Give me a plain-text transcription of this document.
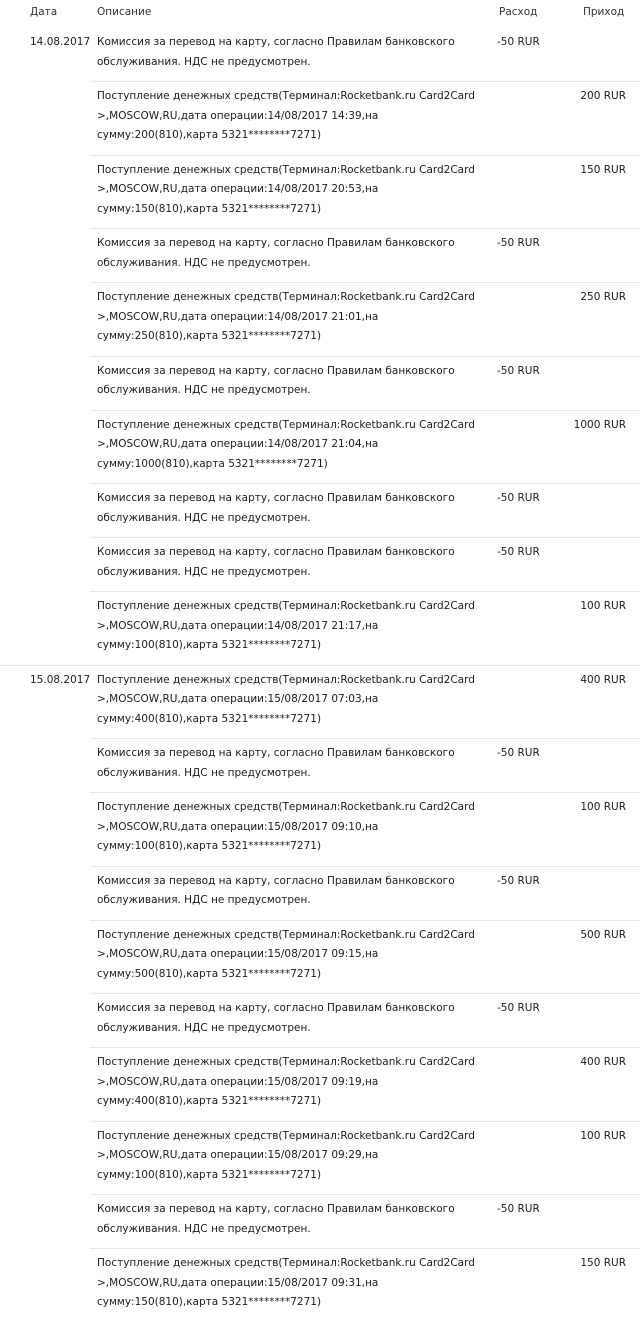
Дата	Описание	Расход	Приход
14.08.2017 Комиссия за перевод на карту, согласно Правилам банковского
обслуживания. НДС не предусмотрен.
-50 RUR
Поступление денежных средств(Терминал:Rocketbank.ru Card2Card
>,MOSCOW,RU,дата операции:14/08/2017 14:39,на
сумму:200(810),карта 5321********7271)
200 RUR
Поступление денежных средств(Терминал:Rocketbank.ru Card2Card
>,MOSCOW,RU,дата операции:14/08/2017 20:53,на
сумму:150(810),карта 5321********7271)
150 RUR
Комиссия за перевод на карту, согласно Правилам банковского
обслуживания. НДС не предусмотрен.
-50 RUR
Поступление денежных средств(Терминал:Rocketbank.ru Card2Card
>,MOSCOW,RU,дата операции:14/08/2017 21:01,на
сумму:250(810),карта 5321********7271)
250 RUR
Комиссия за перевод на карту, согласно Правилам банковского
обслуживания. НДС не предусмотрен.
-50 RUR
Поступление денежных средств(Терминал:Rocketbank.ru Card2Card
>,MOSCOW,RU,дата операции:14/08/2017 21:04,на
сумму:1000(810),карта 5321********7271)
1000 RUR
Комиссия за перевод на карту, согласно Правилам банковского
обслуживания. НДС не предусмотрен.
-50 RUR
Комиссия за перевод на карту, согласно Правилам банковского
обслуживания. НДС не предусмотрен.
-50 RUR
Поступление денежных средств(Терминал:Rocketbank.ru Card2Card
>,MOSCOW,RU,дата операции:14/08/2017 21:17,на
сумму:100(810),карта 5321********7271)
100 RUR
15.08.2017 Поступление денежных средств(Терминал:Rocketbank.ru Card2Card
>,MOSCOW,RU,дата операции:15/08/2017 07:03,на
сумму:400(810),карта 5321********7271)
400 RUR
Комиссия за перевод на карту, согласно Правилам банковского
обслуживания. НДС не предусмотрен.
-50 RUR
Поступление денежных средств(Терминал:Rocketbank.ru Card2Card
>,MOSCOW,RU,дата операции:15/08/2017 09:10,на
сумму:100(810),карта 5321********7271)
100 RUR
Комиссия за перевод на карту, согласно Правилам банковского
обслуживания. НДС не предусмотрен.
-50 RUR
Поступление денежных средств(Терминал:Rocketbank.ru Card2Card
>,MOSCOW,RU,дата операции:15/08/2017 09:15,на
сумму:500(810),карта 5321********7271)
500 RUR
Комиссия за перевод на карту, согласно Правилам банковского
обслуживания. НДС не предусмотрен.
-50 RUR
Поступление денежных средств(Терминал:Rocketbank.ru Card2Card
>,MOSCOW,RU,дата операции:15/08/2017 09:19,на
сумму:400(810),карта 5321********7271)
400 RUR
Поступление денежных средств(Терминал:Rocketbank.ru Card2Card
>,MOSCOW,RU,дата операции:15/08/2017 09:29,на
сумму:100(810),карта 5321********7271)
100 RUR
Комиссия за перевод на карту, согласно Правилам банковского
обслуживания. НДС не предусмотрен.
-50 RUR
Поступление денежных средств(Терминал:Rocketbank.ru Card2Card
>,MOSCOW,RU,дата операции:15/08/2017 09:31,на
сумму:150(810),карта 5321********7271)
150 RUR
